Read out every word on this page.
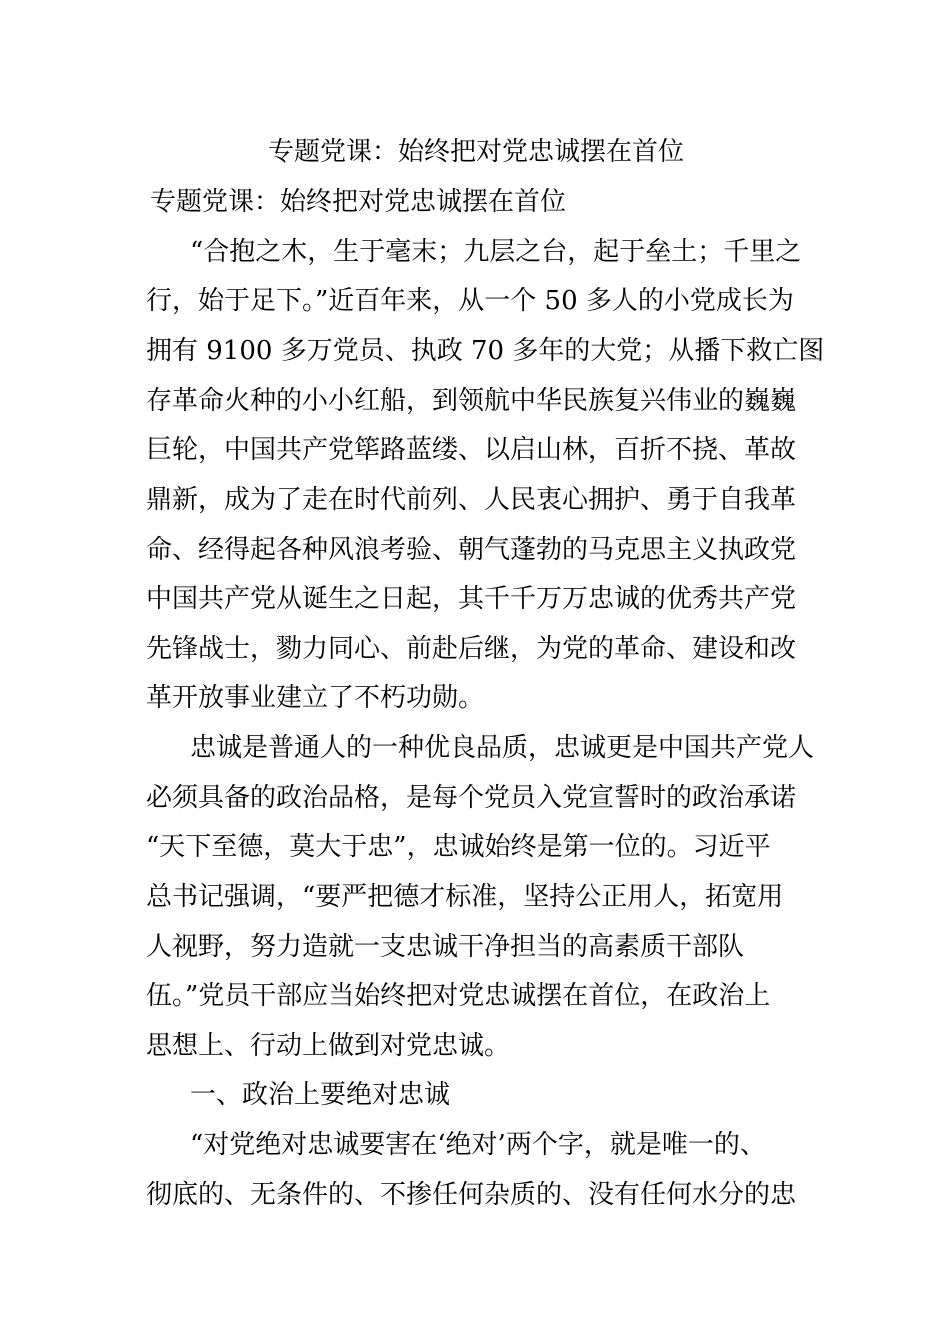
专题党课：始终把对党忠诚摆在首位
专题党课：始终把对党忠诚摆在首位
“合抱之木，生于毫末；九层之台，起于垒土；千里之
行，始于足下。”近百年来，从一个 50 多人的小党成长为
拥有 9100 多万党员、执政 70 多年的大党；从播下救亡图
存革命火种的小小红船，到领航中华民族复兴伟业的巍巍
巨轮，中国共产党筚路蓝缕、以启山林，百折不挠、革故
鼎新，成为了走在时代前列、人民衷心拥护、勇于自我革
命、经得起各种风浪考验、朝气蓬勃的马克思主义执政党
中国共产党从诞生之日起，其千千万万忠诚的优秀共产党
先锋战士，勠力同心、前赴后继，为党的革命、建设和改
革开放事业建立了不朽功勋。
忠诚是普通人的一种优良品质，忠诚更是中国共产党人
必须具备的政治品格，是每个党员入党宣誓时的政治承诺
“天下至德，莫大于忠”，忠诚始终是第一位的。习近平
总书记强调，“要严把德才标准，坚持公正用人，拓宽用
人视野，努力造就一支忠诚干净担当的高素质干部队
伍。”党员干部应当始终把对党忠诚摆在首位，在政治上
思想上、行动上做到对党忠诚。
一、政治上要绝对忠诚
“对党绝对忠诚要害在‘绝对’两个字，就是唯一的、
彻底的、无条件的、不掺任何杂质的、没有任何水分的忠
